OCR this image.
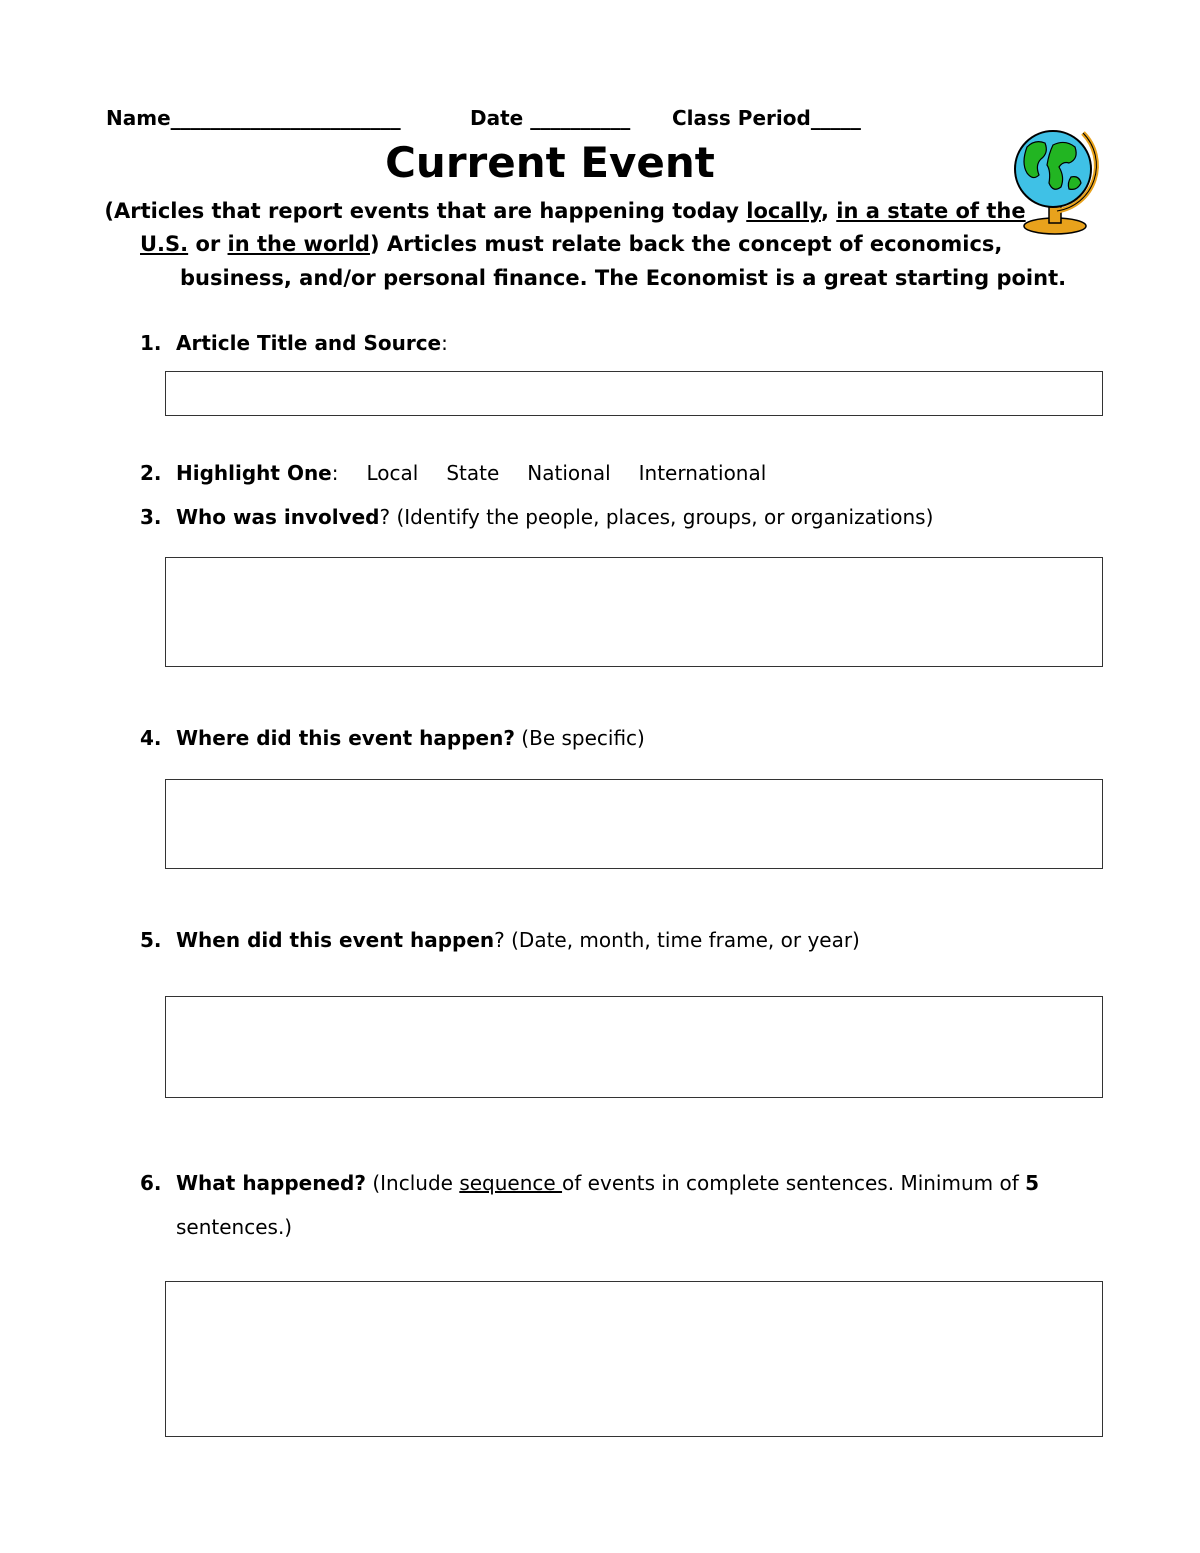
Name_______________________	Date __________ Class Period_____
Current Event
(Articles that report events that are happening today locally, in a state of the
U.S. or in the world) Articles must relate back the concept of economics,
business, and/or personal finance. The Economist is a great starting point.
1. Article Title and Source:
2. Highlight One: Local State National International
3. Who was involved? (Identify the people, places, groups, or organizations)
4. Where did this event happen? (Be specific)
5. When did this event happen? (Date, month, time frame, or year)
6. What happened? (Include sequence of events in complete sentences. Minimum of 5
sentences.)
